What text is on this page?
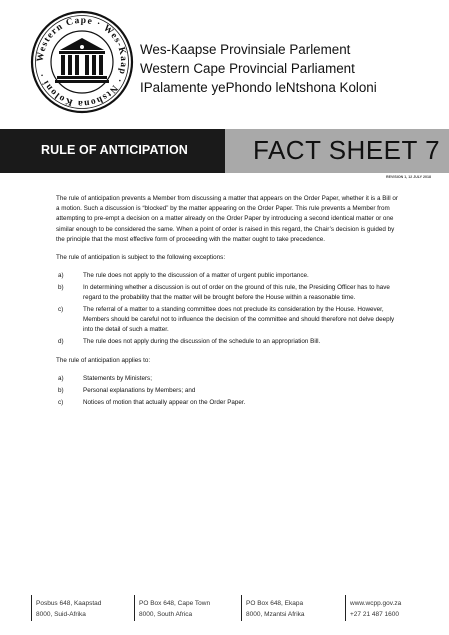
Western Cape · Wes-Kaap · Ntshona Koloni ·
Wes-Kaapse Provinsiale Parlement
Western Cape Provincial Parliament
IPalamente yePhondo leNtshona Koloni
RULE OF ANTICIPATION	FACT SHEET 7
REVISION 1, 12 JULY 2018

The rule of anticipation prevents a Member from discussing a matter that appears on the Order Paper, whether it is a Bill or a motion. Such a discussion is “blocked” by the matter appearing on the Order Paper. This rule prevents a Member from attempting to pre-empt a decision on a matter already on the Order Paper by introducing a second identical matter or one similar enough to be considered the same. When a point of order is raised in this regard, the Chair’s decision is guided by the principle that the most effective form of proceeding with the matter ought to take precedence.

The rule of anticipation is subject to the following exceptions:

a)	The rule does not apply to the discussion of a matter of urgent public importance.
b)	In determining whether a discussion is out of order on the ground of this rule, the Presiding Officer has to have regard to the probability that the matter will be brought before the House within a reasonable time.
c)	The referral of a matter to a standing committee does not preclude its consideration by the House. However, Members should be careful not to influence the decision of the committee and should therefore not delve deeply into the detail of such a matter.
d)	The rule does not apply during the discussion of the schedule to an appropriation Bill.

The rule of anticipation applies to:

a)	Statements by Ministers;
b)	Personal explanations by Members; and
c)	Notices of motion that actually appear on the Order Paper.
Posbus 648, Kaapstad
8000, Suid-Afrika
PO Box 648, Cape Town
8000, South Africa
PO Box 648, Ekapa
8000, Mzantsi Afrika
www.wcpp.gov.za
+27 21 487 1600
